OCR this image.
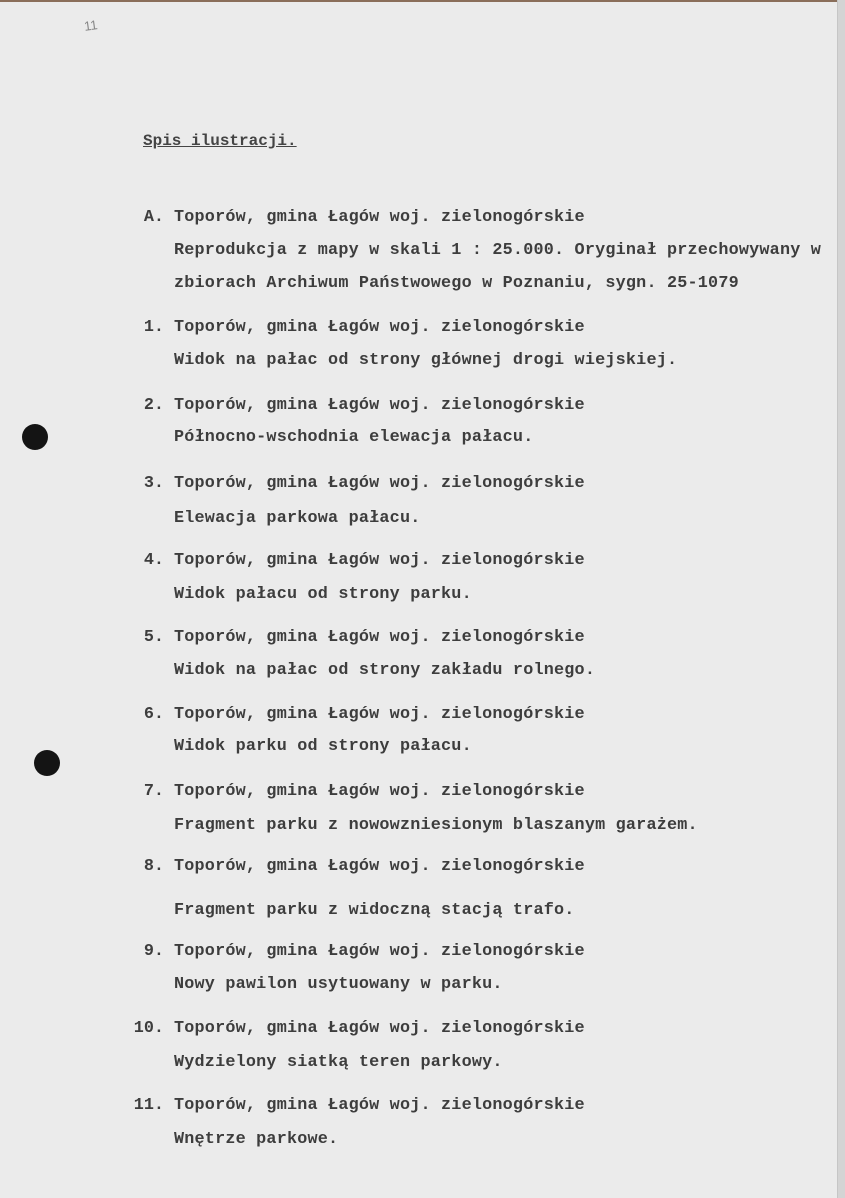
11
Spis ilustracji.
A. Toporów, gmina Łagów woj. zielonogórskie
Reprodukcja z mapy w skali 1 : 25.000. Oryginał przechowywany w
zbiorach Archiwum Państwowego w Poznaniu, sygn. 25-1079
1. Toporów, gmina Łagów woj. zielonogórskie
Widok na pałac od strony głównej drogi wiejskiej.
2. Toporów, gmina Łagów woj. zielonogórskie
Północno-wschodnia elewacja pałacu.
3. Toporów, gmina Łagów woj. zielonogórskie
Elewacja parkowa pałacu.
4. Toporów, gmina Łagów woj. zielonogórskie
Widok pałacu od strony parku.
5. Toporów, gmina Łagów woj. zielonogórskie
Widok na pałac od strony zakładu rolnego.
6. Toporów, gmina Łagów woj. zielonogórskie
Widok parku od strony pałacu.
7. Toporów, gmina Łagów woj. zielonogórskie
Fragment parku z nowowzniesionym blaszanym garażem.
8. Toporów, gmina Łagów woj. zielonogórskie
Fragment parku z widoczną stacją trafo.
9. Toporów, gmina Łagów woj. zielonogórskie
Nowy pawilon usytuowany w parku.
10. Toporów, gmina Łagów woj. zielonogórskie
Wydzielony siatką teren parkowy.
11. Toporów, gmina Łagów woj. zielonogórskie
Wnętrze parkowe.
